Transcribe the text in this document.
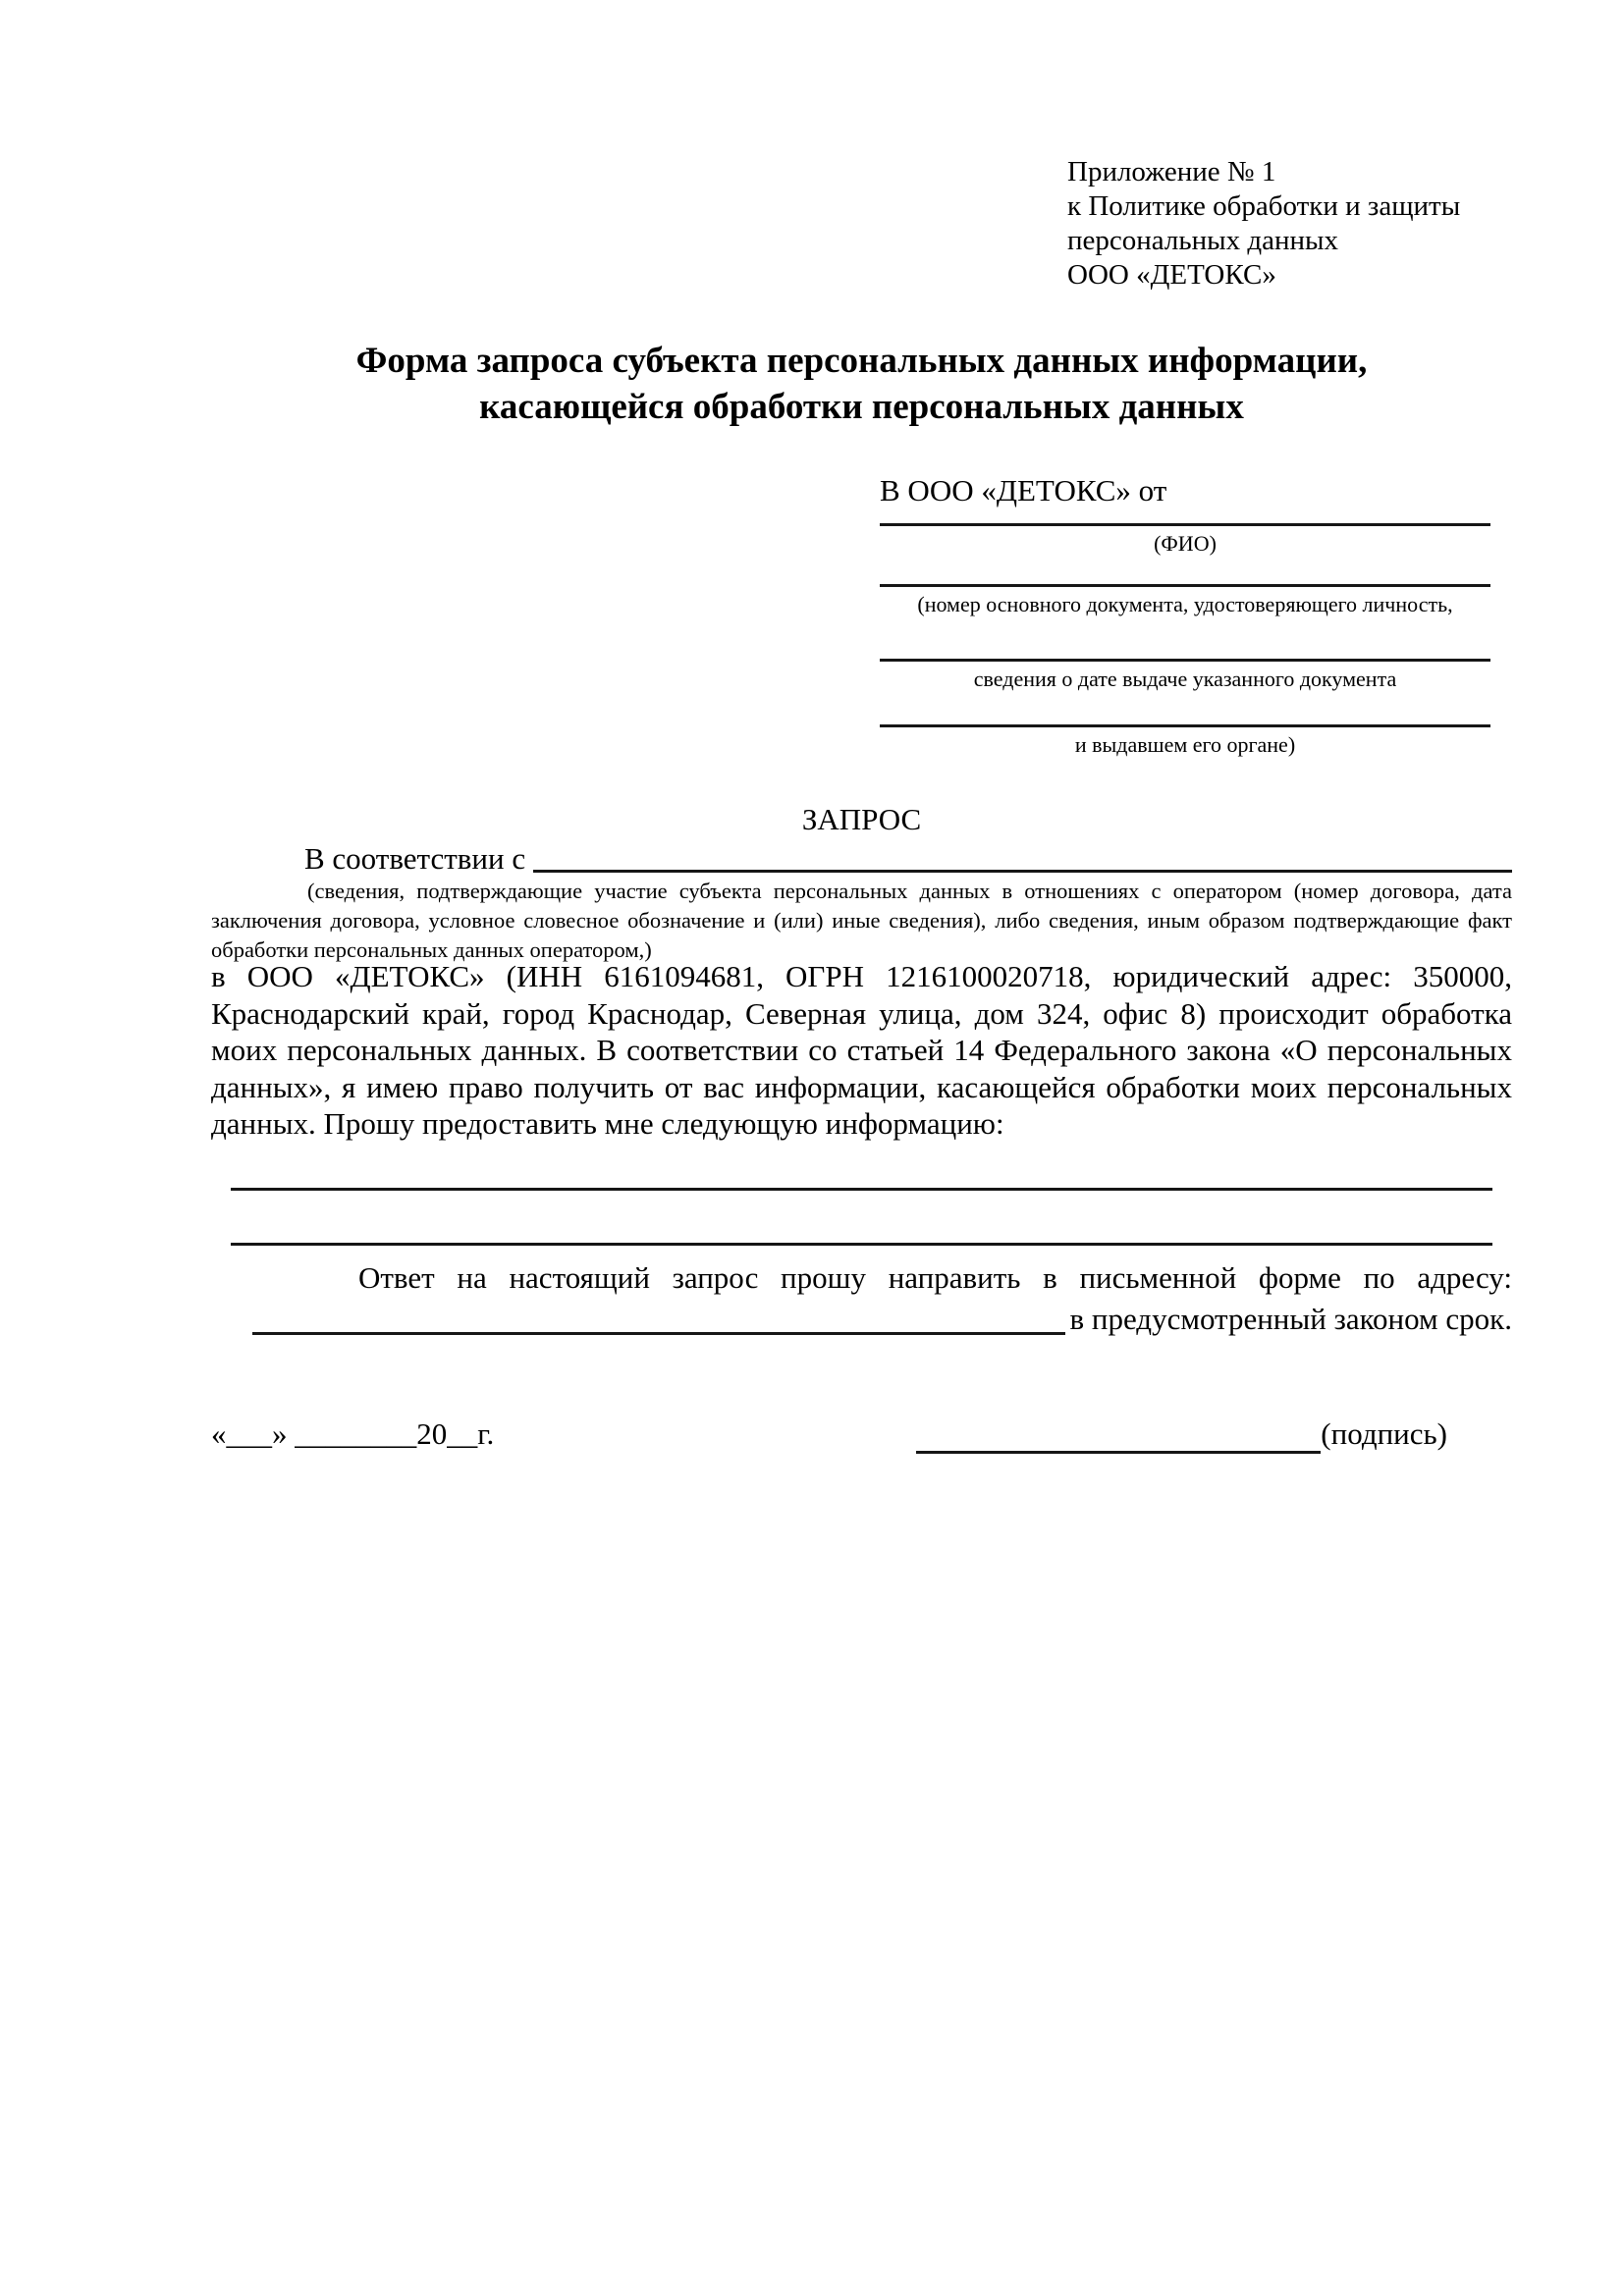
Приложение № 1
к Политике обработки и защиты
персональных данных
ООО «ДЕТОКС»
Форма запроса субъекта персональных данных информации,
касающейся обработки персональных данных
В ООО «ДЕТОКС» от
(ФИО)
(номер основного документа, удостоверяющего личность,
сведения о дате выдаче указанного документа
и выдавшем его органе)
ЗАПРОС
В соответствии с
(сведения, подтверждающие участие субъекта персональных данных в отношениях с оператором (номер договора, дата заключения договора, условное словесное обозначение и (или) иные сведения), либо сведения, иным образом подтверждающие факт обработки персональных данных оператором,)
в ООО «ДЕТОКС» (ИНН 6161094681, ОГРН 1216100020718, юридический адрес: 350000, Краснодарский край, город Краснодар, Северная улица, дом 324, офис 8) происходит обработка моих персональных данных. В соответствии со статьей 14 Федерального закона «О персональных данных», я имею право получить от вас информации, касающейся обработки моих персональных данных. Прошу предоставить мне следующую информацию:
Ответ на настоящий запрос прошу направить в письменной форме по адресу:
в предусмотренный законом срок.
«___» ________20__г.	(подпись)
